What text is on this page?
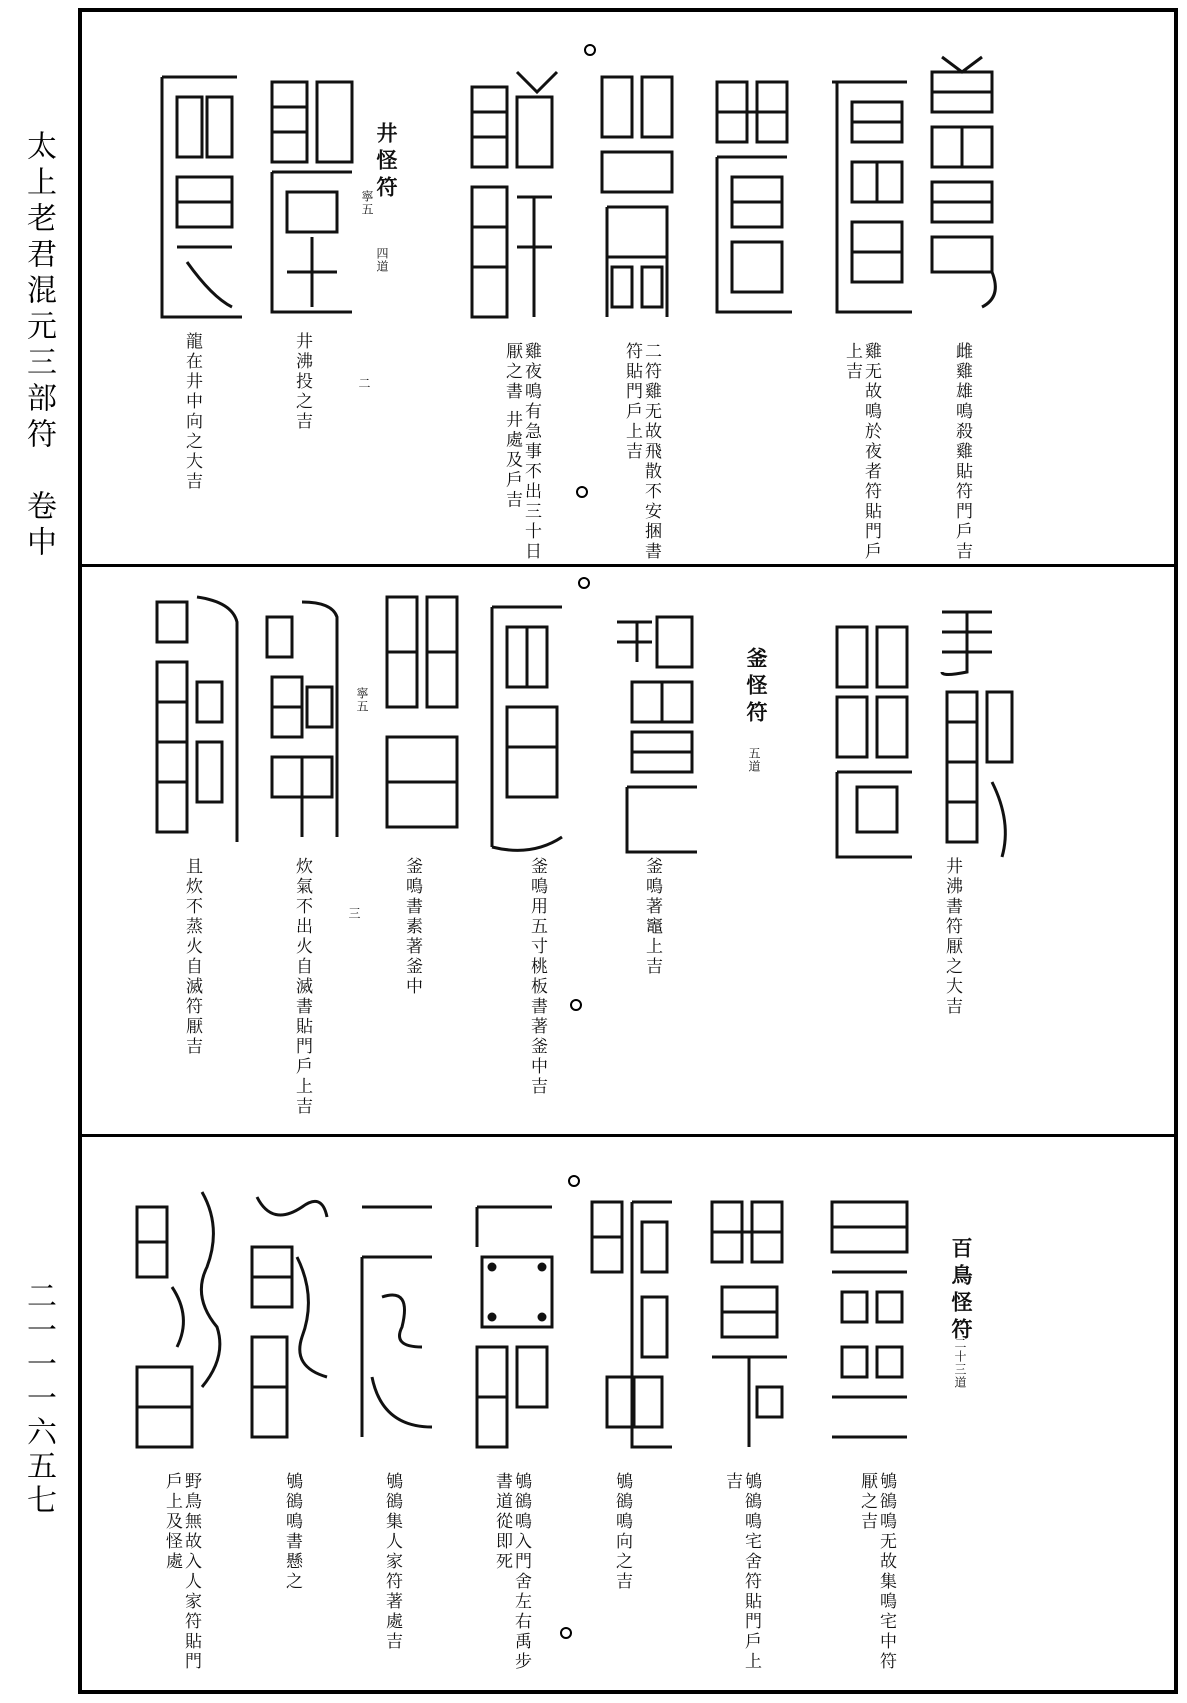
太上老君混元三部符　卷中
二一一一六五七
雌雞雄鳴殺雞貼符門戶吉
雞无故鳴於夜者符貼門戶上吉
二符雞无故飛散不安捆書符貼門戶上吉
雞夜鳴有急事不出三十日厭之書 井處及戶吉
井沸投之吉
龍在井中向之大吉
井怪符
四道
寧五
二
井沸書符厭之大吉
釜鳴著竈上吉
釜鳴用五寸桃板書著釜中吉
釜鳴書素著釜中
炊氣不出火自滅書貼門戶上吉
且炊不蒸火自滅符厭吉
釜怪符
五道
寧五
三
鴝鵒鳴无故集鳴宅中符厭之吉
鴝鵒鳴宅舍符貼門戶上吉
鴝鵒鳴向之吉
鴝鵒鳴入門舍左右禹步書道從即死
鴝鵒集人家符著處吉
鴝鵒鳴書懸之
野鳥無故入人家符貼門戶上及怪處
百鳥怪符
二十三道
